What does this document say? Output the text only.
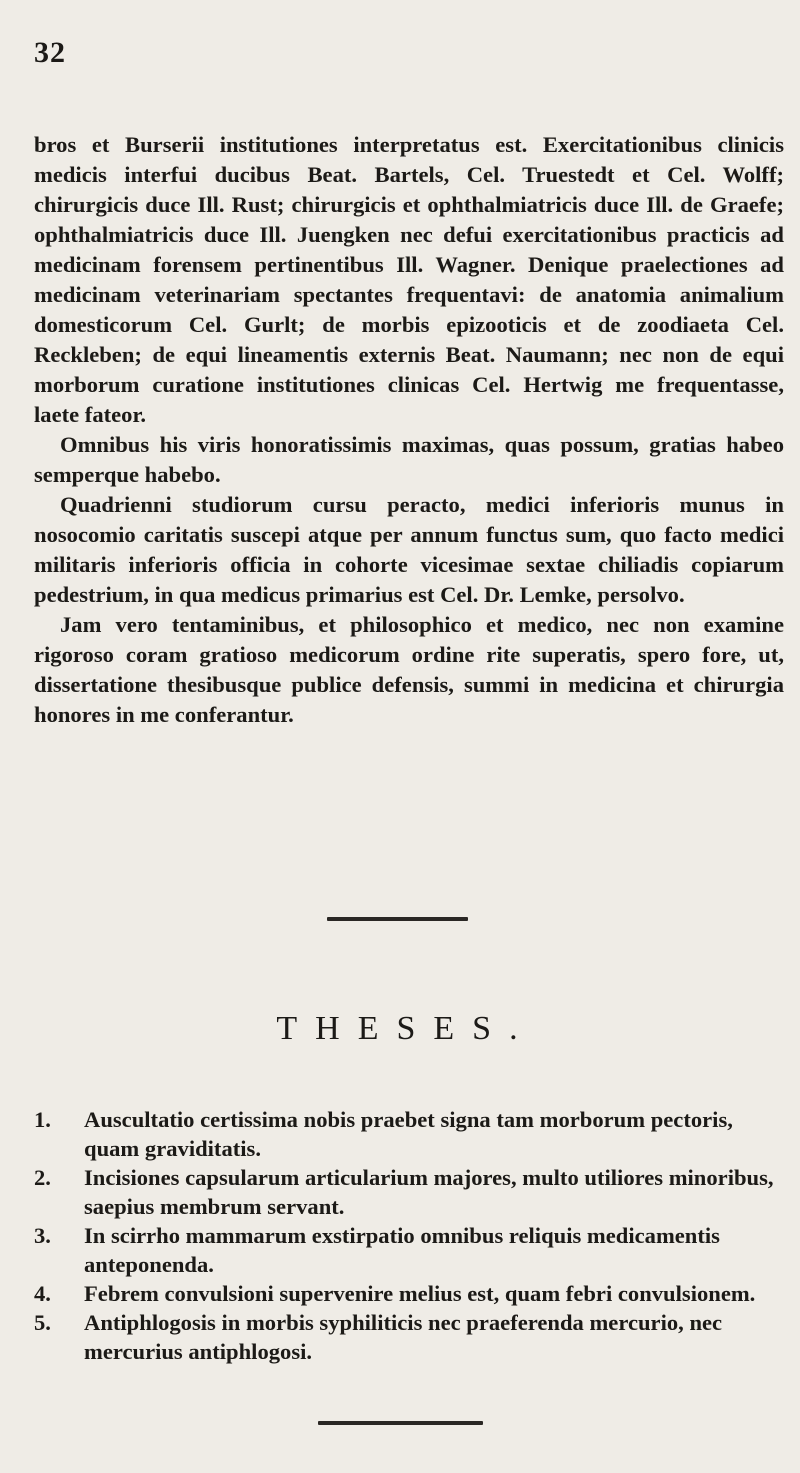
32

bros et Burserii institutiones interpretatus est. Exercitationibus clinicis medicis interfui ducibus Beat. Bartels, Cel. Truestedt et Cel. Wolff; chirurgicis duce Ill. Rust; chirurgicis et ophthalmiatricis duce Ill. de Graefe; ophthalmiatricis duce Ill. Juengken nec defui exercitationibus practicis ad medicinam forensem pertinentibus Ill. Wagner. Denique praelectiones ad medicinam veterinariam spectantes frequentavi: de anatomia animalium domesticorum Cel. Gurlt; de morbis epizooticis et de zoodiaeta Cel. Reckleben; de equi lineamentis externis Beat. Naumann; nec non de equi morborum curatione institutiones clinicas Cel. Hertwig me frequentasse, laete fateor.

Omnibus his viris honoratissimis maximas, quas possum, gratias habeo semperque habebo.

Quadrienni studiorum cursu peracto, medici inferioris munus in nosocomio caritatis suscepi atque per annum functus sum, quo facto medici militaris inferioris officia in cohorte vicesimae sextae chiliadis copiarum pedestrium, in qua medicus primarius est Cel. Dr. Lemke, persolvo.

Jam vero tentaminibus, et philosophico et medico, nec non examine rigoroso coram gratioso medicorum ordine rite superatis, spero fore, ut, dissertatione thesibusque publice defensis, summi in medicina et chirurgia honores in me conferantur.

THESES.

1. Auscultatio certissima nobis praebet signa tam morborum pectoris, quam graviditatis.

2. Incisiones capsularum articularium majores, multo utiliores minoribus, saepius membrum servant.

3. In scirrho mammarum exstirpatio omnibus reliquis medicamentis anteponenda.

4. Febrem convulsioni supervenire melius est, quam febri convulsionem.

5. Antiphlogosis in morbis syphiliticis nec praeferenda mercurio, nec mercurius antiphlogosi.
